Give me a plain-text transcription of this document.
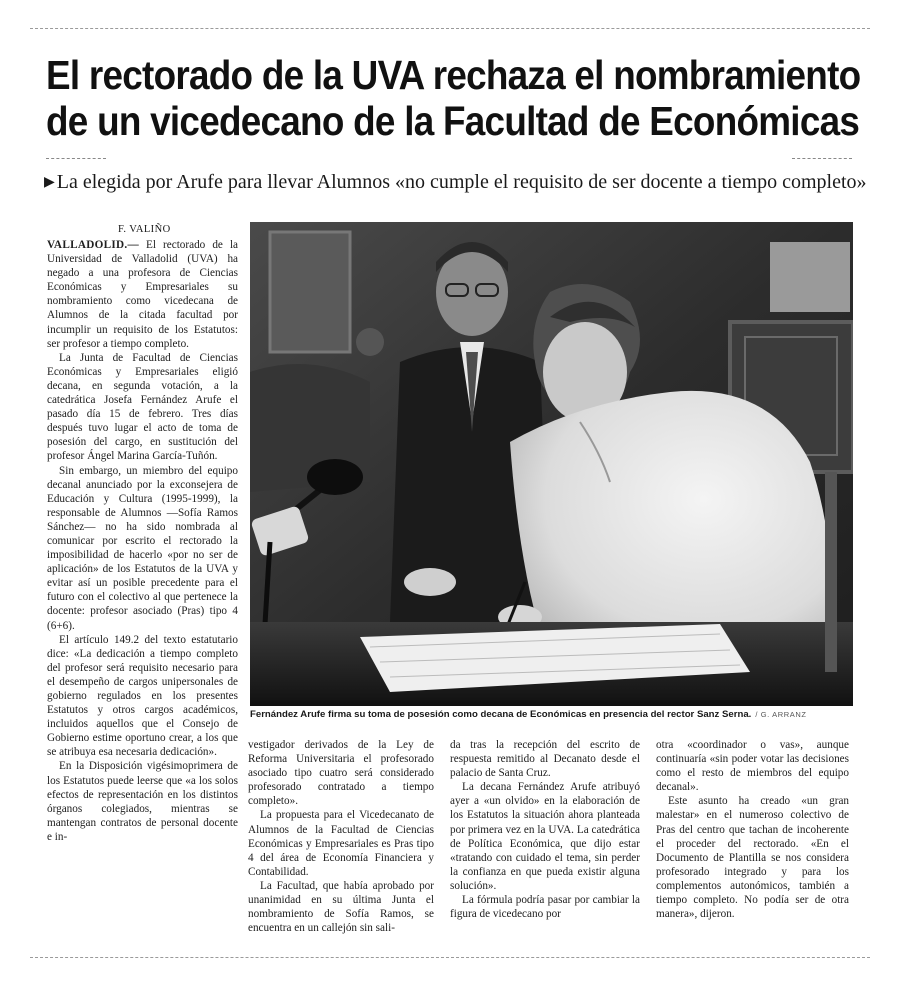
El rectorado de la UVA rechaza el nombramiento
de un vicedecano de la Facultad de Económicas
▶ La elegida por Arufe para llevar Alumnos «no cumple el requisito de ser docente a tiempo completo»
F. VALIÑO

VALLADOLID.— El rectorado de la Universidad de Valladolid (UVA) ha negado a una profesora de Ciencias Económicas y Empresariales su nombramiento como vicedecana de Alumnos de la citada facultad por incumplir un requisito de los Estatutos: ser profesor a tiempo completo.

La Junta de Facultad de Ciencias Económicas y Empresariales eligió decana, en segunda votación, a la catedrática Josefa Fernández Arufe el pasado día 15 de febrero. Tres días después tuvo lugar el acto de toma de posesión del cargo, en sustitución del profesor Ángel Marina García-Tuñón.

Sin embargo, un miembro del equipo decanal anunciado por la exconsejera de Educación y Cultura (1995-1999), la responsable de Alumnos —Sofía Ramos Sánchez— no ha sido nombrada al comunicar por escrito el rectorado la imposibilidad de hacerlo «por no ser de aplicación» de los Estatutos de la UVA y evitar así un posible precedente para el futuro con el colectivo al que pertenece la docente: profesor asociado (Pras) tipo 4 (6+6).

El artículo 149.2 del texto estatutario dice: «La dedicación a tiempo completo del profesor será requisito necesario para el desempeño de cargos unipersonales de gobierno regulados en los presentes Estatutos y otros cargos académicos, incluidos aquellos que el Consejo de Gobierno estime oportuno crear, a los que se atribuya esa necesaria dedicación».

En la Disposición vigésimoprimera de los Estatutos puede leerse que «a los solos efectos de representación en los distintos órganos colegiados, mientras se mantengan contratos de personal docente e in-

Fernández Arufe firma su toma de posesión como decana de Económicas en presencia del rector Sanz Serna. / G. ARRANZ

vestigador derivados de la Ley de Reforma Universitaria el profesorado asociado tipo cuatro será considerado profesorado contratado a tiempo completo».

La propuesta para el Vicedecanato de Alumnos de la Facultad de Ciencias Económicas y Empresariales es Pras tipo 4 del área de Economía Financiera y Contabilidad.

La Facultad, que había aprobado por unanimidad en su última Junta el nombramiento de Sofía Ramos, se encuentra en un callejón sin sali-

da tras la recepción del escrito de respuesta remitido al Decanato desde el palacio de Santa Cruz.

La decana Fernández Arufe atribuyó ayer a «un olvido» en la elaboración de los Estatutos la situación ahora planteada por primera vez en la UVA. La catedrática de Política Económica, que dijo estar «tratando con cuidado el tema, sin perder la confianza en que pueda existir alguna solución».

La fórmula podría pasar por cambiar la figura de vicedecano por

otra «coordinador o vas», aunque continuaría «sin poder votar las decisiones como el resto de miembros del equipo decanal».

Este asunto ha creado «un gran malestar» en el numeroso colectivo de Pras del centro que tachan de incoherente el proceder del rectorado. «En el Documento de Plantilla se nos considera profesorado integrado y para los complementos autonómicos, también a tiempo completo. No podía ser de otra manera», dijeron.
